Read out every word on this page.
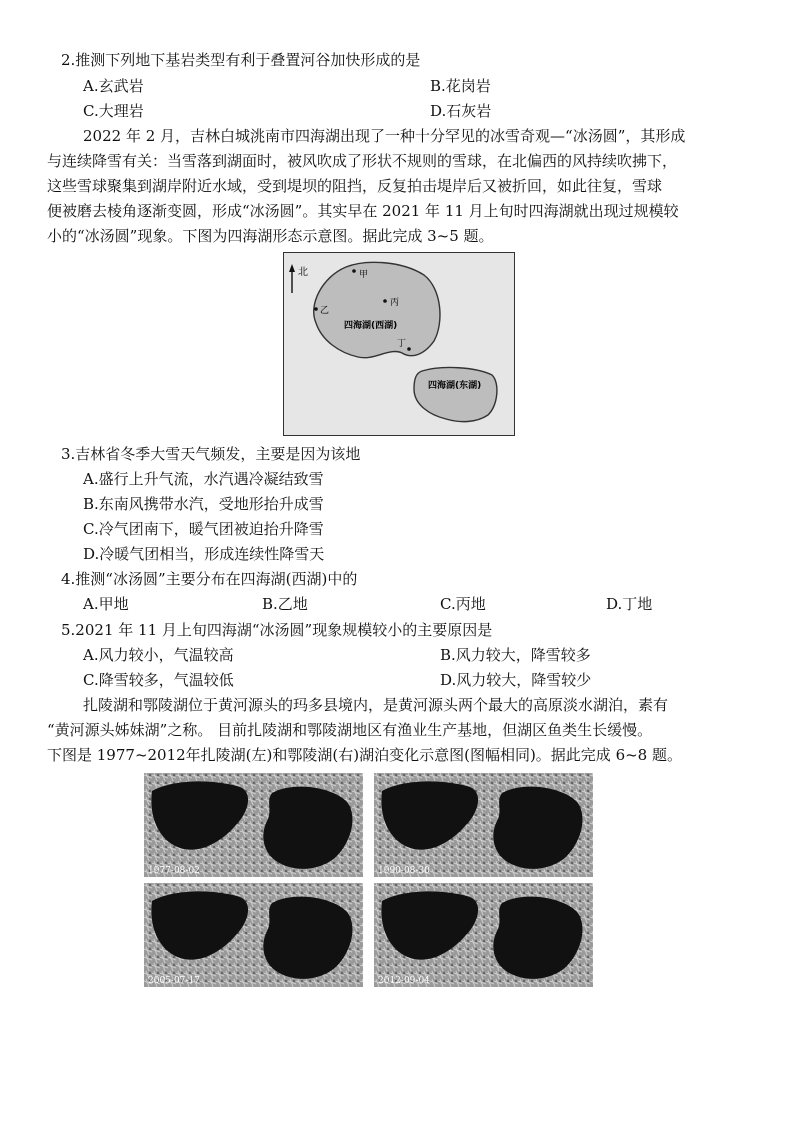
2.推测下列地下基岩类型有利于叠置河谷加快形成的是
A.玄武岩	B.花岗岩
C.大理岩	D.石灰岩
2022 年 2 月，吉林白城洮南市四海湖出现了一种十分罕见的冰雪奇观—“冰汤圆”，其形成
与连续降雪有关：当雪落到湖面时，被风吹成了形状不规则的雪球，在北偏西的风持续吹拂下，
这些雪球聚集到湖岸附近水域，受到堤坝的阻挡，反复拍击堤岸后又被折回，如此往复，雪球
便被磨去棱角逐渐变圆，形成“冰汤圆”。其实早在 2021 年 11 月上旬时四海湖就出现过规模较
小的“冰汤圆”现象。下图为四海湖形态示意图。据此完成 3~5 题。
北
四海湖(西湖)
四海湖(东湖)
甲
乙
丙
丁
3.吉林省冬季大雪天气频发，主要是因为该地
A.盛行上升气流，水汽遇冷凝结致雪
B.东南风携带水汽，受地形抬升成雪
C.冷气团南下，暖气团被迫抬升降雪
D.冷暖气团相当，形成连续性降雪天
4.推测“冰汤圆”主要分布在四海湖(西湖)中的
A.甲地	B.乙地	C.丙地	D.丁地
5.2021 年 11 月上旬四海湖“冰汤圆”现象规模较小的主要原因是
A.风力较小，气温较高	B.风力较大，降雪较多
C.降雪较多，气温较低	D.风力较大，降雪较少
扎陵湖和鄂陵湖位于黄河源头的玛多县境内，是黄河源头两个最大的高原淡水湖泊，素有
“黄河源头姊妹湖”之称。 目前扎陵湖和鄂陵湖地区有渔业生产基地，但湖区鱼类生长缓慢。
下图是 1977~2012年扎陵湖(左)和鄂陵湖(右)湖泊变化示意图(图幅相同)。据此完成 6~8 题。
1977-08-02	1990-08-30
2005-07-17	2012-09-04
